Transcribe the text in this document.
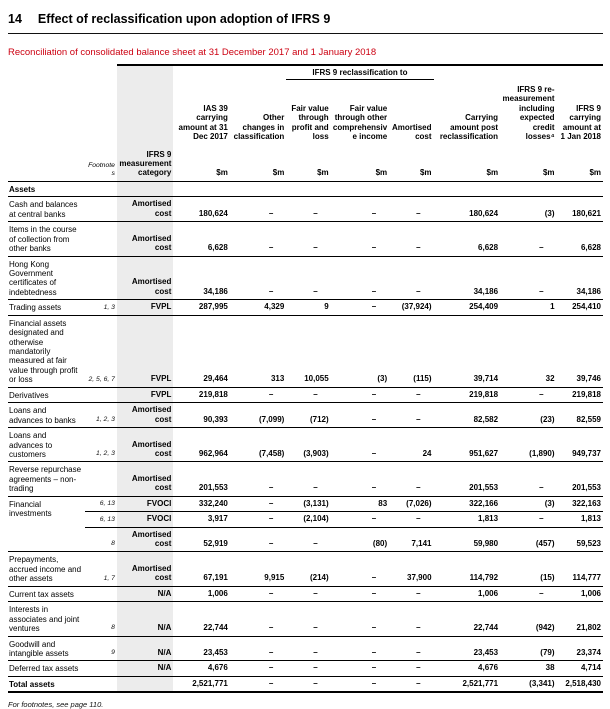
14 Effect of reclassification upon adoption of IFRS 9
Reconciliation of consolidated balance sheet at 31 December 2017 and 1 January 2018
					IFRS 9 reclassification to					
			IAS 39 carrying amount at 31 Dec 2017	Other changes in classification	Fair value through profit and loss	Fair value through other comprehensive income	Amortised cost	Carrying amount post reclassification	IFRS 9 re-measurement including expected credit losses⁴	IFRS 9 carrying amount at 1 Jan 2018
	Footnotes	IFRS 9 measurement category	$m	$m	$m	$m	$m	$m	$m	$m
Assets										
Cash and balances at central banks		Amortised cost	180,624	–	–	–	–	180,624	(3)	180,621
Items in the course of collection from other banks		Amortised cost	6,628	–	–	–	–	6,628	–	6,628
Hong Kong Government certificates of indebtedness		Amortised cost	34,186	–	–	–	–	34,186	–	34,186
Trading assets	1, 3	FVPL	287,995	4,329	9	–	(37,924)	254,409	1	254,410
Financial assets designated and otherwise mandatorily measured at fair value through profit or loss	2, 5, 6, 7	FVPL	29,464	313	10,055	(3)	(115)	39,714	32	39,746
Derivatives		FVPL	219,818	–	–	–	–	219,818	–	219,818
Loans and advances to banks	1, 2, 3	Amortised cost	90,393	(7,099)	(712)	–	–	82,582	(23)	82,559
Loans and advances to customers	1, 2, 3	Amortised cost	962,964	(7,458)	(3,903)	–	24	951,627	(1,890)	949,737
Reverse repurchase agreements – non-trading		Amortised cost	201,553	–	–	–	–	201,553	–	201,553
Financial investments	6, 13	FVOCI	332,240	–	(3,131)	83	(7,026)	322,166	(3)	322,163
	6, 13	FVOCI	3,917	–	(2,104)	–	–	1,813	–	1,813
	8	Amortised cost	52,919	–	–	(80)	7,141	59,980	(457)	59,523
Prepayments, accrued income and other assets	1, 7	Amortised cost	67,191	9,915	(214)	–	37,900	114,792	(15)	114,777
Current tax assets		N/A	1,006	–	–	–	–	1,006	–	1,006
Interests in associates and joint ventures	8	N/A	22,744	–	–	–	–	22,744	(942)	21,802
Goodwill and intangible assets	9	N/A	23,453	–	–	–	–	23,453	(79)	23,374
Deferred tax assets		N/A	4,676	–	–	–	–	4,676	38	4,714
Total assets			2,521,771	–	–	–	–	2,521,771	(3,341)	2,518,430
For footnotes, see page 110.
